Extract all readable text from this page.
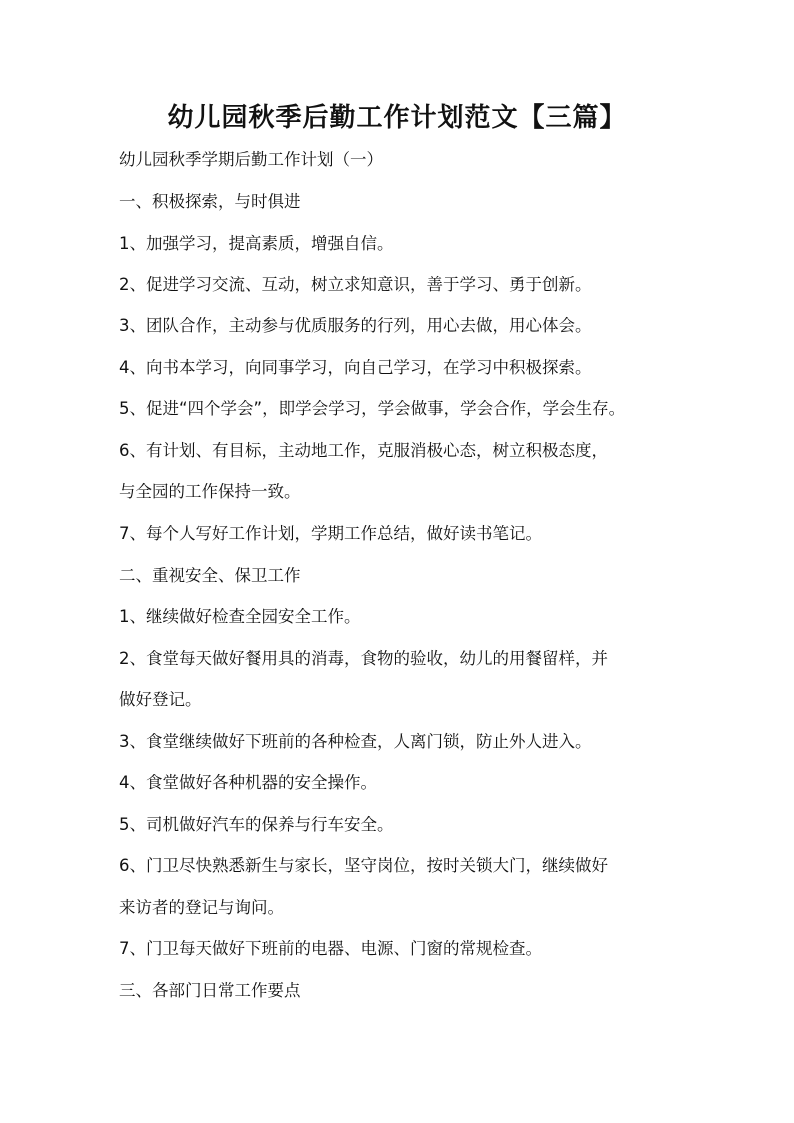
幼儿园秋季后勤工作计划范文【三篇】
幼儿园秋季学期后勤工作计划（一）
一、积极探索，与时俱进
1、加强学习，提高素质，增强自信。
2、促进学习交流、互动，树立求知意识，善于学习、勇于创新。
3、团队合作，主动参与优质服务的行列，用心去做，用心体会。
4、向书本学习，向同事学习，向自己学习，在学习中积极探索。
5、促进“四个学会”，即学会学习，学会做事，学会合作，学会生存。
6、有计划、有目标，主动地工作，克服消极心态，树立积极态度，
与全园的工作保持一致。
7、每个人写好工作计划，学期工作总结，做好读书笔记。
二、重视安全、保卫工作
1、继续做好检查全园安全工作。
2、食堂每天做好餐用具的消毒，食物的验收，幼儿的用餐留样，并
做好登记。
3、食堂继续做好下班前的各种检查，人离门锁，防止外人进入。
4、食堂做好各种机器的安全操作。
5、司机做好汽车的保养与行车安全。
6、门卫尽快熟悉新生与家长，坚守岗位，按时关锁大门，继续做好
来访者的登记与询问。
7、门卫每天做好下班前的电器、电源、门窗的常规检查。
三、各部门日常工作要点
